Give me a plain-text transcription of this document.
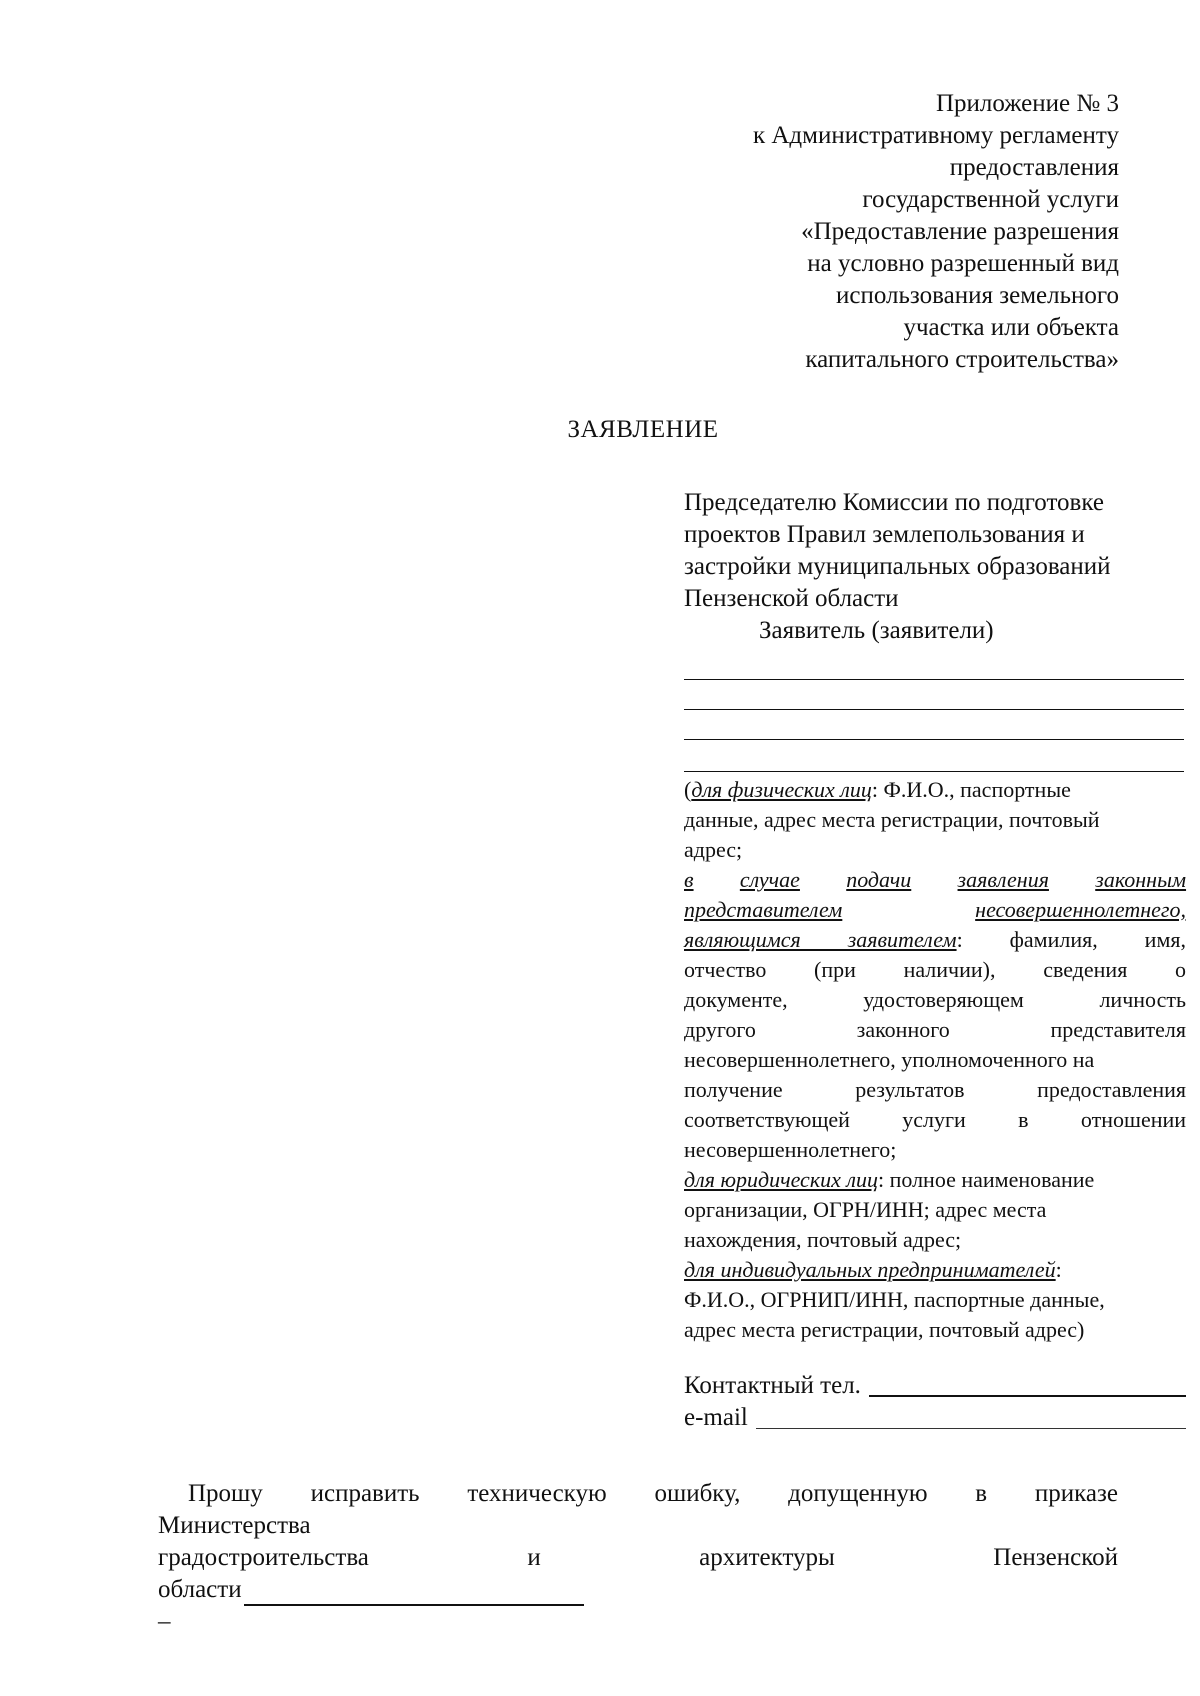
Приложение № 3
к Административному регламенту
предоставления
государственной услуги
«Предоставление разрешения
на условно разрешенный вид
использования земельного
участка или объекта
капитального строительства»
ЗАЯВЛЕНИЕ
Председателю Комиссии по подготовке
проектов Правил землепользования и
застройки муниципальных образований
Пензенской области
Заявитель (заявители)
(для физических лиц: Ф.И.О., паспортные
данные, адрес места регистрации, почтовый
адрес;
в случае подачи заявления законным
представителем	несовершеннолетнего,
являющимся заявителем: фамилия, имя,
отчество (при наличии), сведения о
документе,	удостоверяющем	личность
другого	законного	представителя
несовершеннолетнего, уполномоченного на
получение	результатов	предоставления
соответствующей услуги в отношении
несовершеннолетнего;
для юридических лиц: полное наименование
организации, ОГРН/ИНН; адрес места
нахождения, почтовый адрес;
для индивидуальных предпринимателей:
Ф.И.О., ОГРНИП/ИНН, паспортные данные,
адрес места регистрации, почтовый адрес)
Контактный тел.
e-mail
Прошу исправить техническую ошибку, допущенную в приказе
Министерства
градостроительства	и	архитектуры	Пензенской
области
–
